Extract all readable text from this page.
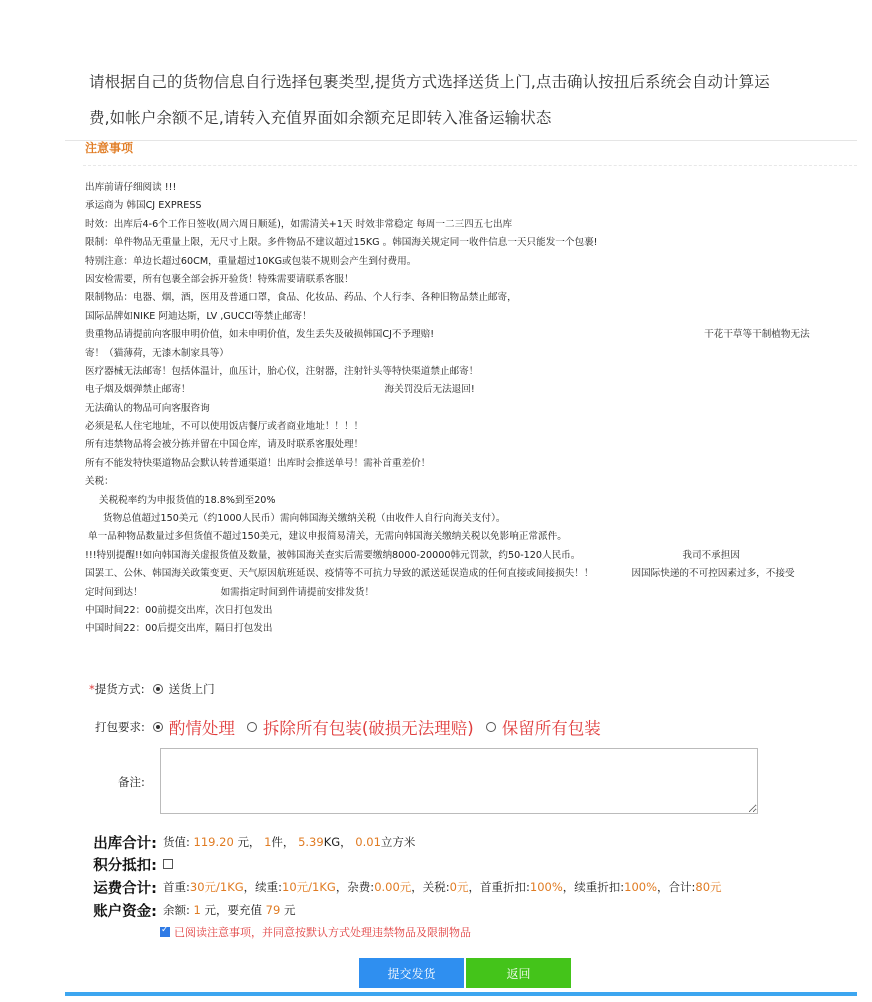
请根据自己的货物信息自行选择包裹类型,提货方式选择送货上门,点击确认按扭后系统会自动计算运
费,如帐户余额不足,请转入充值界面如余额充足即转入准备运输状态
注意事项
出库前请仔细阅读 !!!
承运商为 韩国CJ EXPRESS
时效：出库后4-6个工作日签收(周六周日顺延)，如需清关+1天 时效非常稳定 每周一二三四五七出库
限制：单件物品无重量上限，无尺寸上限。多件物品不建议超过15KG 。韩国海关规定同一收件信息一天只能发一个包裹!
特别注意：单边长超过60CM，重量超过10KG或包装不规则会产生到付费用。
因安检需要，所有包裹全部会拆开验货！特殊需要请联系客服！
限制物品：电器、烟，酒，医用及普通口罩，食品、化妆品、药品、个人行李、各种旧物品禁止邮寄，
国际品牌如NIKE 阿迪达斯，LV ,GUCCI等禁止邮寄！
贵重物品请提前向客服申明价值，如未申明价值，发生丢失及破损韩国CJ不予理赔!	干花干草等干制植物无法
寄！（猫薄荷，无漆木制家具等）
医疗器械无法邮寄！包括体温计，血压计，胎心仪，注射器，注射针头等特快渠道禁止邮寄！
电子烟及烟弹禁止邮寄！	海关罚没后无法退回!
无法确认的物品可向客服咨询
必须是私人住宅地址，不可以使用饭店餐厅或者商业地址！！！！
所有违禁物品将会被分拣并留在中国仓库，请及时联系客服处理！
所有不能发特快渠道物品会默认转普通渠道！出库时会推送单号！需补首重差价！
关税：
关税税率约为申报货值的18.8%到至20%
货物总值超过150美元（约1000人民币）需向韩国海关缴纳关税（由收件人自行向海关支付）。
单一品种物品数量过多但货值不超过150美元，建议申报简易清关，无需向韩国海关缴纳关税以免影响正常派件。
!!!特别提醒!!如向韩国海关虚报货值及数量，被韩国海关查实后需要缴纳8000-20000韩元罚款，约50-120人民币。	我司不承担因
国罢工、公休、韩国海关政策变更、天气原因航班延误、疫情等不可抗力导致的派送延误造成的任何直接或间接损失！！	因国际快递的不可控因素过多，不接受
定时间到达！	如需指定时间到件请提前安排发货！
中国时间22：00前提交出库，次日打包发出
中国时间22：00后提交出库，隔日打包发出
* 提货方式: 送货上门
打包要求: 酌情处理 拆除所有包装(破损无法理赔) 保留所有包装
备注:
出库合计: 货值: 119.20 元， 1件， 5.39KG， 0.01立方米
积分抵扣:
运费合计: 首重:30元/1KG，续重:10元/1KG，杂费:0.00元，关税:0元，首重折扣:100%，续重折扣:100%，合计:80元
账户资金: 余额: 1 元，要充值 79 元
✓
已阅读注意事项，并同意按默认方式处理违禁物品及限制物品
提交发货	返回
